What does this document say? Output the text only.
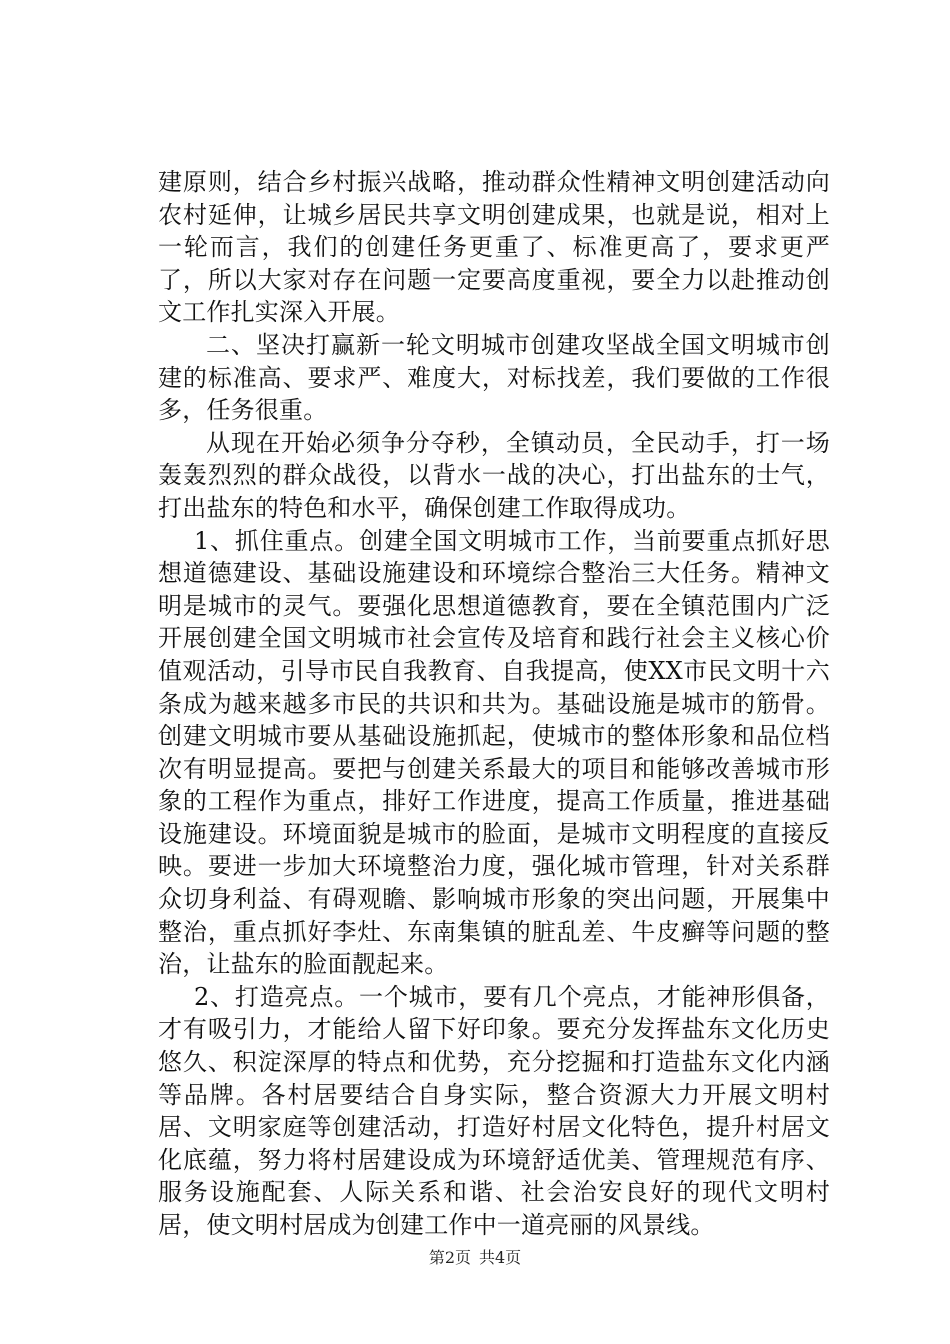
建原则，结合乡村振兴战略，推动群众性精神文明创建活动向农村延伸，让城乡居民共享文明创建成果，也就是说，相对上一轮而言，我们的创建任务更重了、标准更高了，要求更严了，所以大家对存在问题一定要高度重视，要全力以赴推动创文工作扎实深入开展。

二、坚决打赢新一轮文明城市创建攻坚战全国文明城市创建的标准高、要求严、难度大，对标找差，我们要做的工作很多，任务很重。

从现在开始必须争分夺秒，全镇动员，全民动手，打一场轰轰烈烈的群众战役，以背水一战的决心，打出盐东的士气，打出盐东的特色和水平，确保创建工作取得成功。

1、抓住重点。创建全国文明城市工作，当前要重点抓好思想道德建设、基础设施建设和环境综合整治三大任务。精神文明是城市的灵气。要强化思想道德教育，要在全镇范围内广泛开展创建全国文明城市社会宣传及培育和践行社会主义核心价值观活动，引导市民自我教育、自我提高，使XX市民文明十六条成为越来越多市民的共识和共为。基础设施是城市的筋骨。创建文明城市要从基础设施抓起，使城市的整体形象和品位档次有明显提高。要把与创建关系最大的项目和能够改善城市形象的工程作为重点，排好工作进度，提高工作质量，推进基础设施建设。环境面貌是城市的脸面，是城市文明程度的直接反映。要进一步加大环境整治力度，强化城市管理，针对关系群众切身利益、有碍观瞻、影响城市形象的突出问题，开展集中整治，重点抓好李灶、东南集镇的脏乱差、牛皮癣等问题的整治，让盐东的脸面靓起来。

2、打造亮点。一个城市，要有几个亮点，才能神形俱备，才有吸引力，才能给人留下好印象。要充分发挥盐东文化历史悠久、积淀深厚的特点和优势，充分挖掘和打造盐东文化内涵等品牌。各村居要结合自身实际，整合资源大力开展文明村居、文明家庭等创建活动，打造好村居文化特色，提升村居文化底蕴，努力将村居建设成为环境舒适优美、管理规范有序、服务设施配套、人际关系和谐、社会治安良好的现代文明村居，使文明村居成为创建工作中一道亮丽的风景线。

第2页 共4页
